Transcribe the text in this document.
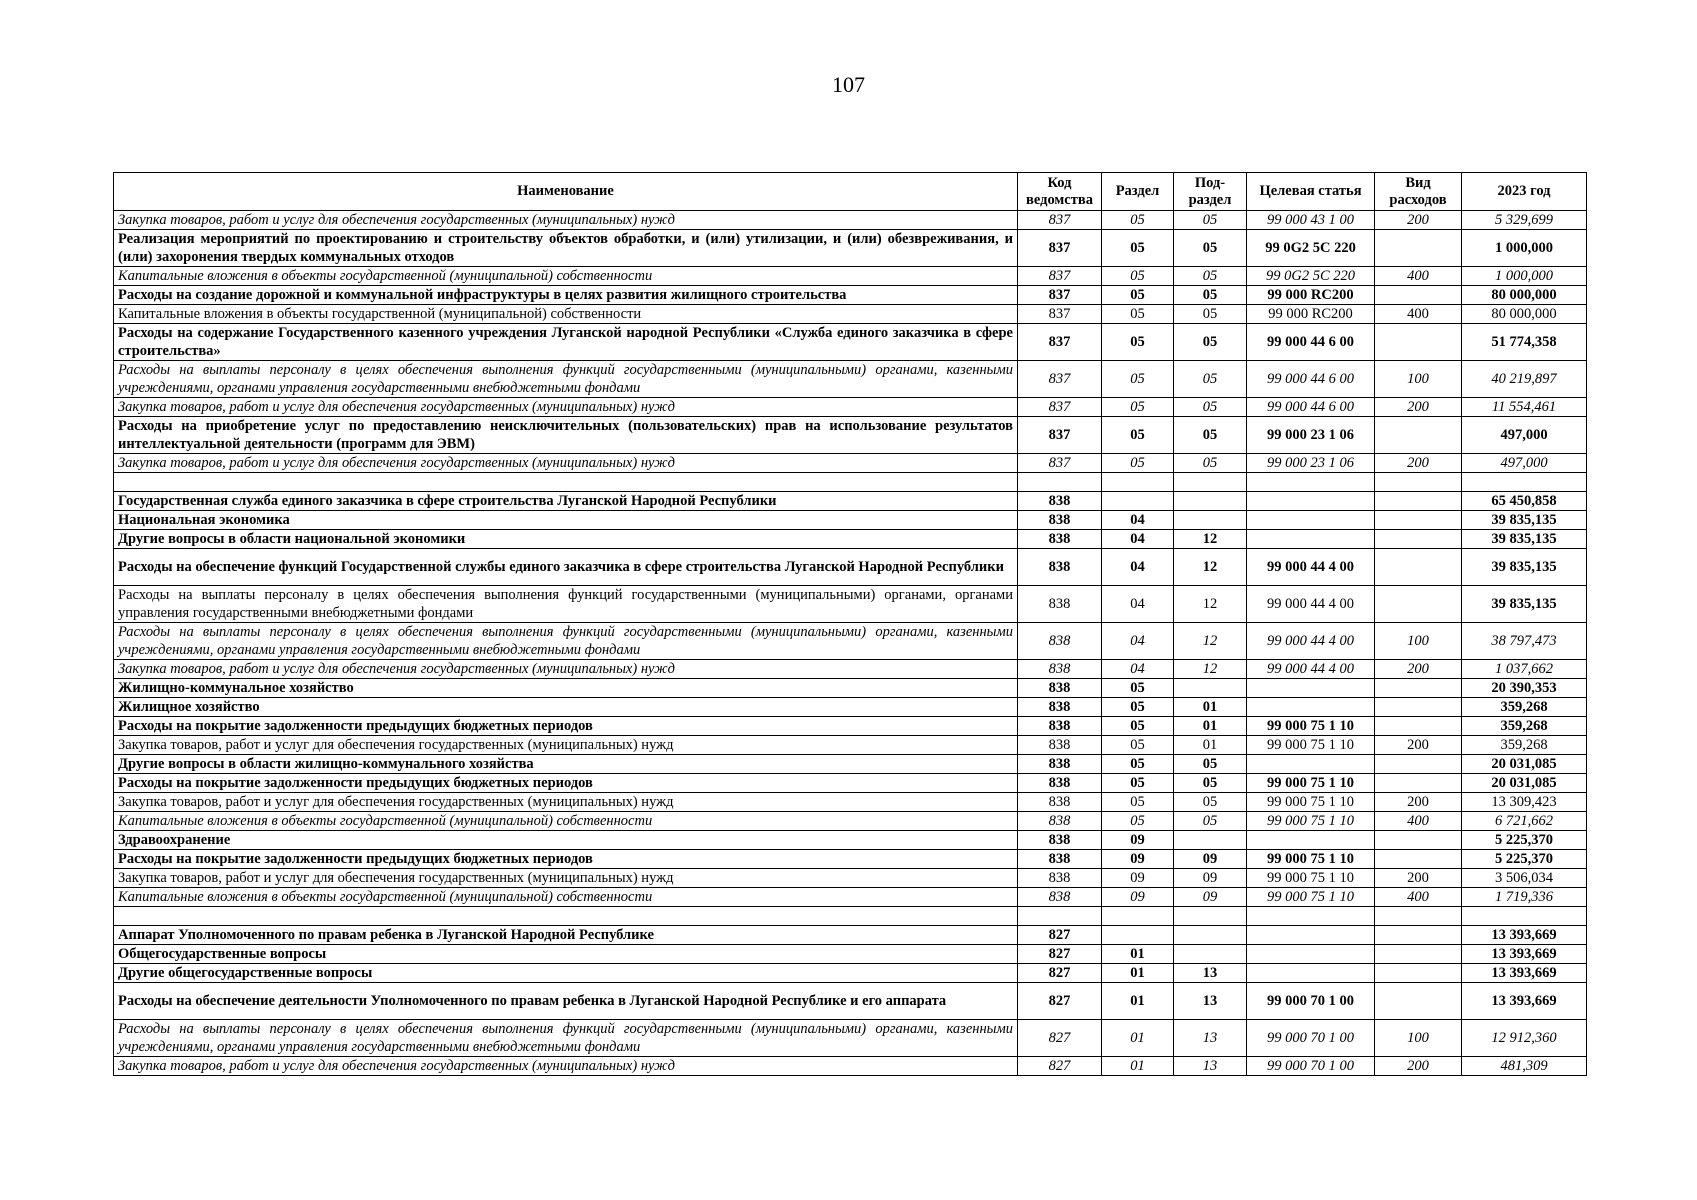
107
Наименование	Код ведомства	Раздел	Под-раздел	Целевая статья	Вид расходов	2023 год
Закупка товаров, работ и услуг для обеспечения государственных (муниципальных) нужд	837	05	05	99 000 43 1 00	200	5 329,699
Реализация мероприятий по проектированию и строительству объектов обработки, и (или) утилизации, и (или) обезвреживания, и (или) захоронения твердых коммунальных отходов	837	05	05	99 0G2 5C 220		1 000,000
Капитальные вложения в объекты государственной (муниципальной) собственности	837	05	05	99 0G2 5C 220	400	1 000,000
Расходы на создание дорожной и коммунальной инфраструктуры в целях развития жилищного строительства	837	05	05	99 000 RC200		80 000,000
Капитальные вложения в объекты государственной (муниципальной) собственности	837	05	05	99 000 RC200	400	80 000,000
Расходы на содержание Государственного казенного учреждения Луганской народной Республики «Служба единого заказчика в сфере строительства»	837	05	05	99 000 44 6 00		51 774,358
Расходы на выплаты персоналу в целях обеспечения выполнения функций государственными (муниципальными) органами, казенными учреждениями, органами управления государственными внебюджетными фондами	837	05	05	99 000 44 6 00	100	40 219,897
Закупка товаров, работ и услуг для обеспечения государственных (муниципальных) нужд	837	05	05	99 000 44 6 00	200	11 554,461
Расходы на приобретение услуг по предоставлению неисключительных (пользовательских) прав на использование результатов интеллектуальной деятельности (программ для ЭВМ)	837	05	05	99 000 23 1 06		497,000
Закупка товаров, работ и услуг для обеспечения государственных (муниципальных) нужд	837	05	05	99 000 23 1 06	200	497,000

Государственная служба единого заказчика в сфере строительства Луганской Народной Республики	838					65 450,858
Национальная экономика	838	04				39 835,135
Другие вопросы в области национальной экономики	838	04	12			39 835,135
Расходы на обеспечение функций Государственной службы единого заказчика в сфере строительства Луганской Народной Республики	838	04	12	99 000 44 4 00		39 835,135
Расходы на выплаты персоналу в целях обеспечения выполнения функций государственными (муниципальными) органами, органами управления государственными внебюджетными фондами	838	04	12	99 000 44 4 00		39 835,135
Расходы на выплаты персоналу в целях обеспечения выполнения функций государственными (муниципальными) органами, казенными учреждениями, органами управления государственными внебюджетными фондами	838	04	12	99 000 44 4 00	100	38 797,473
Закупка товаров, работ и услуг для обеспечения государственных (муниципальных) нужд	838	04	12	99 000 44 4 00	200	1 037,662
Жилищно-коммунальное хозяйство	838	05				20 390,353
Жилищное хозяйство	838	05	01			359,268
Расходы на покрытие задолженности предыдущих бюджетных периодов	838	05	01	99 000 75 1 10		359,268
Закупка товаров, работ и услуг для обеспечения государственных (муниципальных) нужд	838	05	01	99 000 75 1 10	200	359,268
Другие вопросы в области жилищно-коммунального хозяйства	838	05	05			20 031,085
Расходы на покрытие задолженности предыдущих бюджетных периодов	838	05	05	99 000 75 1 10		20 031,085
Закупка товаров, работ и услуг для обеспечения государственных (муниципальных) нужд	838	05	05	99 000 75 1 10	200	13 309,423
Капитальные вложения в объекты государственной (муниципальной) собственности	838	05	05	99 000 75 1 10	400	6 721,662
Здравоохранение	838	09				5 225,370
Расходы на покрытие задолженности предыдущих бюджетных периодов	838	09	09	99 000 75 1 10		5 225,370
Закупка товаров, работ и услуг для обеспечения государственных (муниципальных) нужд	838	09	09	99 000 75 1 10	200	3 506,034
Капитальные вложения в объекты государственной (муниципальной) собственности	838	09	09	99 000 75 1 10	400	1 719,336

Аппарат Уполномоченного по правам ребенка в Луганской Народной Республике	827					13 393,669
Общегосударственные вопросы	827	01				13 393,669
Другие общегосударственные вопросы	827	01	13			13 393,669
Расходы на обеспечение деятельности Уполномоченного по правам ребенка в Луганской Народной Республике и его аппарата	827	01	13	99 000 70 1 00		13 393,669
Расходы на выплаты персоналу в целях обеспечения выполнения функций государственными (муниципальными) органами, казенными учреждениями, органами управления государственными внебюджетными фондами	827	01	13	99 000 70 1 00	100	12 912,360
Закупка товаров, работ и услуг для обеспечения государственных (муниципальных) нужд	827	01	13	99 000 70 1 00	200	481,309
